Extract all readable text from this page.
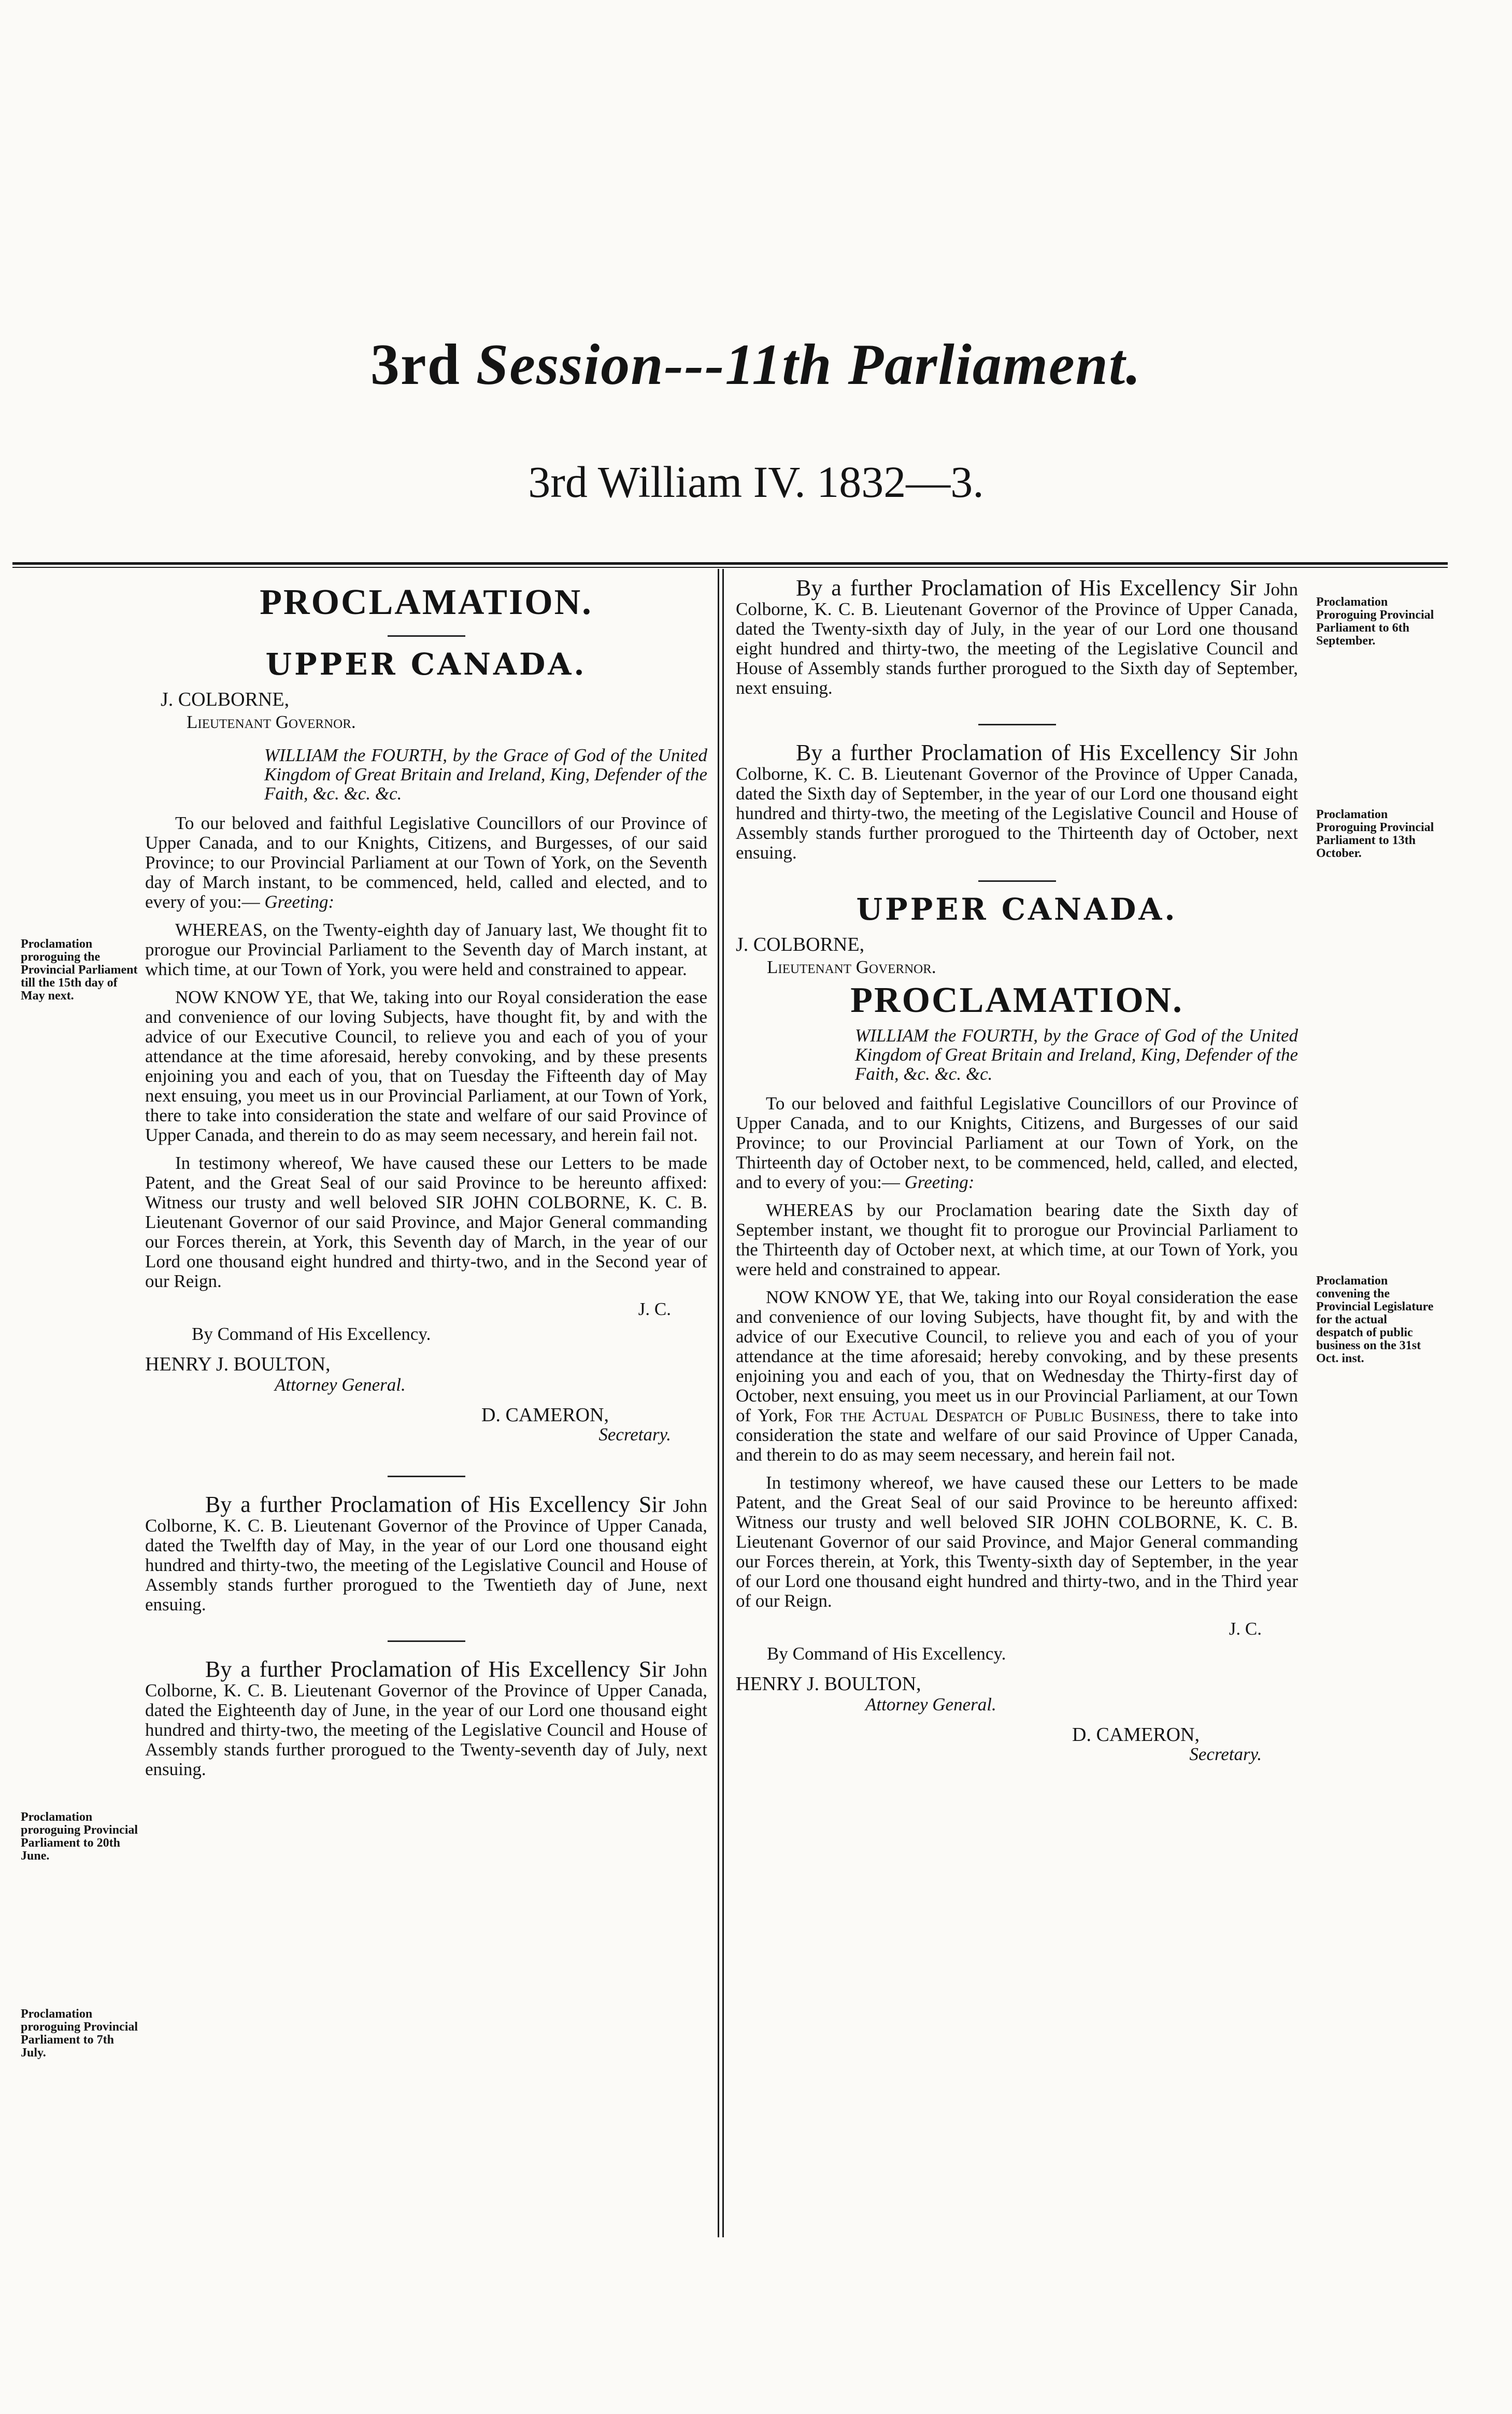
3rd Session---11th Parliament.
3rd William IV. 1832—3.
PROCLAMATION.
UPPER CANADA.
J. COLBORNE,
Lieutenant Governor.
WILLIAM the FOURTH, by the Grace of God of the United Kingdom of Great Britain and Ireland, King, Defender of the Faith, &c. &c. &c.

To our beloved and faithful Legislative Councillors of our Province of Upper Canada, and to our Knights, Citizens, and Burgesses, of our said Province; to our Provincial Parliament at our Town of York, on the Seventh day of March instant, to be commenced, held, called and elected, and to every of you:— Greeting:

WHEREAS, on the Twenty-eighth day of January last, We thought fit to prorogue our Provincial Parliament to the Seventh day of March instant, at which time, at our Town of York, you were held and constrained to appear.

NOW KNOW YE, that We, taking into our Royal consideration the ease and convenience of our loving Subjects, have thought fit, by and with the advice of our Executive Council, to relieve you and each of you of your attendance at the time aforesaid, hereby convoking, and by these presents enjoining you and each of you, that on Tuesday the Fifteenth day of May next ensuing, you meet us in our Provincial Parliament, at our Town of York, there to take into consideration the state and welfare of our said Province of Upper Canada, and therein to do as may seem necessary, and herein fail not.

In testimony whereof, We have caused these our Letters to be made Patent, and the Great Seal of our said Province to be hereunto affixed: Witness our trusty and well beloved SIR JOHN COLBORNE, K. C. B. Lieutenant Governor of our said Province, and Major General commanding our Forces therein, at York, this Seventh day of March, in the year of our Lord one thousand eight hundred and thirty-two, and in the Second year of our Reign.

J. C.
By Command of His Excellency.
HENRY J. BOULTON,
Attorney General.
D. CAMERON,
Secretary.

By a further Proclamation of His Excellency Sir John Colborne, K. C. B. Lieutenant Governor of the Province of Upper Canada, dated the Twelfth day of May, in the year of our Lord one thousand eight hundred and thirty-two, the meeting of the Legislative Council and House of Assembly stands further prorogued to the Twentieth day of June, next ensuing.

By a further Proclamation of His Excellency Sir John Colborne, K. C. B. Lieutenant Governor of the Province of Upper Canada, dated the Eighteenth day of June, in the year of our Lord one thousand eight hundred and thirty-two, the meeting of the Legislative Council and House of Assembly stands further prorogued to the Twenty-seventh day of July, next ensuing.

By a further Proclamation of His Excellency Sir John Colborne, K. C. B. Lieutenant Governor of the Province of Upper Canada, dated the Twenty-sixth day of July, in the year of our Lord one thousand eight hundred and thirty-two, the meeting of the Legislative Council and House of Assembly stands further prorogued to the Sixth day of September, next ensuing.

By a further Proclamation of His Excellency Sir John Colborne, K. C. B. Lieutenant Governor of the Province of Upper Canada, dated the Sixth day of September, in the year of our Lord one thousand eight hundred and thirty-two, the meeting of the Legislative Council and House of Assembly stands further prorogued to the Thirteenth day of October, next ensuing.

UPPER CANADA.
J. COLBORNE,
Lieutenant Governor.
PROCLAMATION.
WILLIAM the FOURTH, by the Grace of God of the United Kingdom of Great Britain and Ireland, King, Defender of the Faith, &c. &c. &c.

To our beloved and faithful Legislative Councillors of our Province of Upper Canada, and to our Knights, Citizens, and Burgesses of our said Province; to our Provincial Parliament at our Town of York, on the Thirteenth day of October next, to be commenced, held, called, and elected, and to every of you:— Greeting:

WHEREAS by our Proclamation bearing date the Sixth day of September instant, we thought fit to prorogue our Provincial Parliament to the Thirteenth day of October next, at which time, at our Town of York, you were held and constrained to appear.

NOW KNOW YE, that We, taking into our Royal consideration the ease and convenience of our loving Subjects, have thought fit, by and with the advice of our Executive Council, to relieve you and each of you of your attendance at the time aforesaid; hereby convoking, and by these presents enjoining you and each of you, that on Wednesday the Thirty-first day of October, next ensuing, you meet us in our Provincial Parliament, at our Town of York, For the Actual Despatch of Public Business, there to take into consideration the state and welfare of our said Province of Upper Canada, and therein to do as may seem necessary, and herein fail not.

In testimony whereof, we have caused these our Letters to be made Patent, and the Great Seal of our said Province to be hereunto affixed: Witness our trusty and well beloved SIR JOHN COLBORNE, K. C. B. Lieutenant Governor of our said Province, and Major General commanding our Forces therein, at York, this Twenty-sixth day of September, in the year of our Lord one thousand eight hundred and thirty-two, and in the Third year of our Reign.

J. C.
By Command of His Excellency.
HENRY J. BOULTON,
Attorney General.
D. CAMERON,
Secretary.
Proclamation proroguing the Provincial Parliament till the 15th day of May next.
Proclamation proroguing Provincial Parliament to 20th June.
Proclamation proroguing Provincial Parliament to 7th July.
Proclamation Proroguing Provincial Parliament to 6th September.
Proclamation Proroguing Provincial Parliament to 13th October.
Proclamation convening the Provincial Legislature for the actual despatch of public business on the 31st Oct. inst.
